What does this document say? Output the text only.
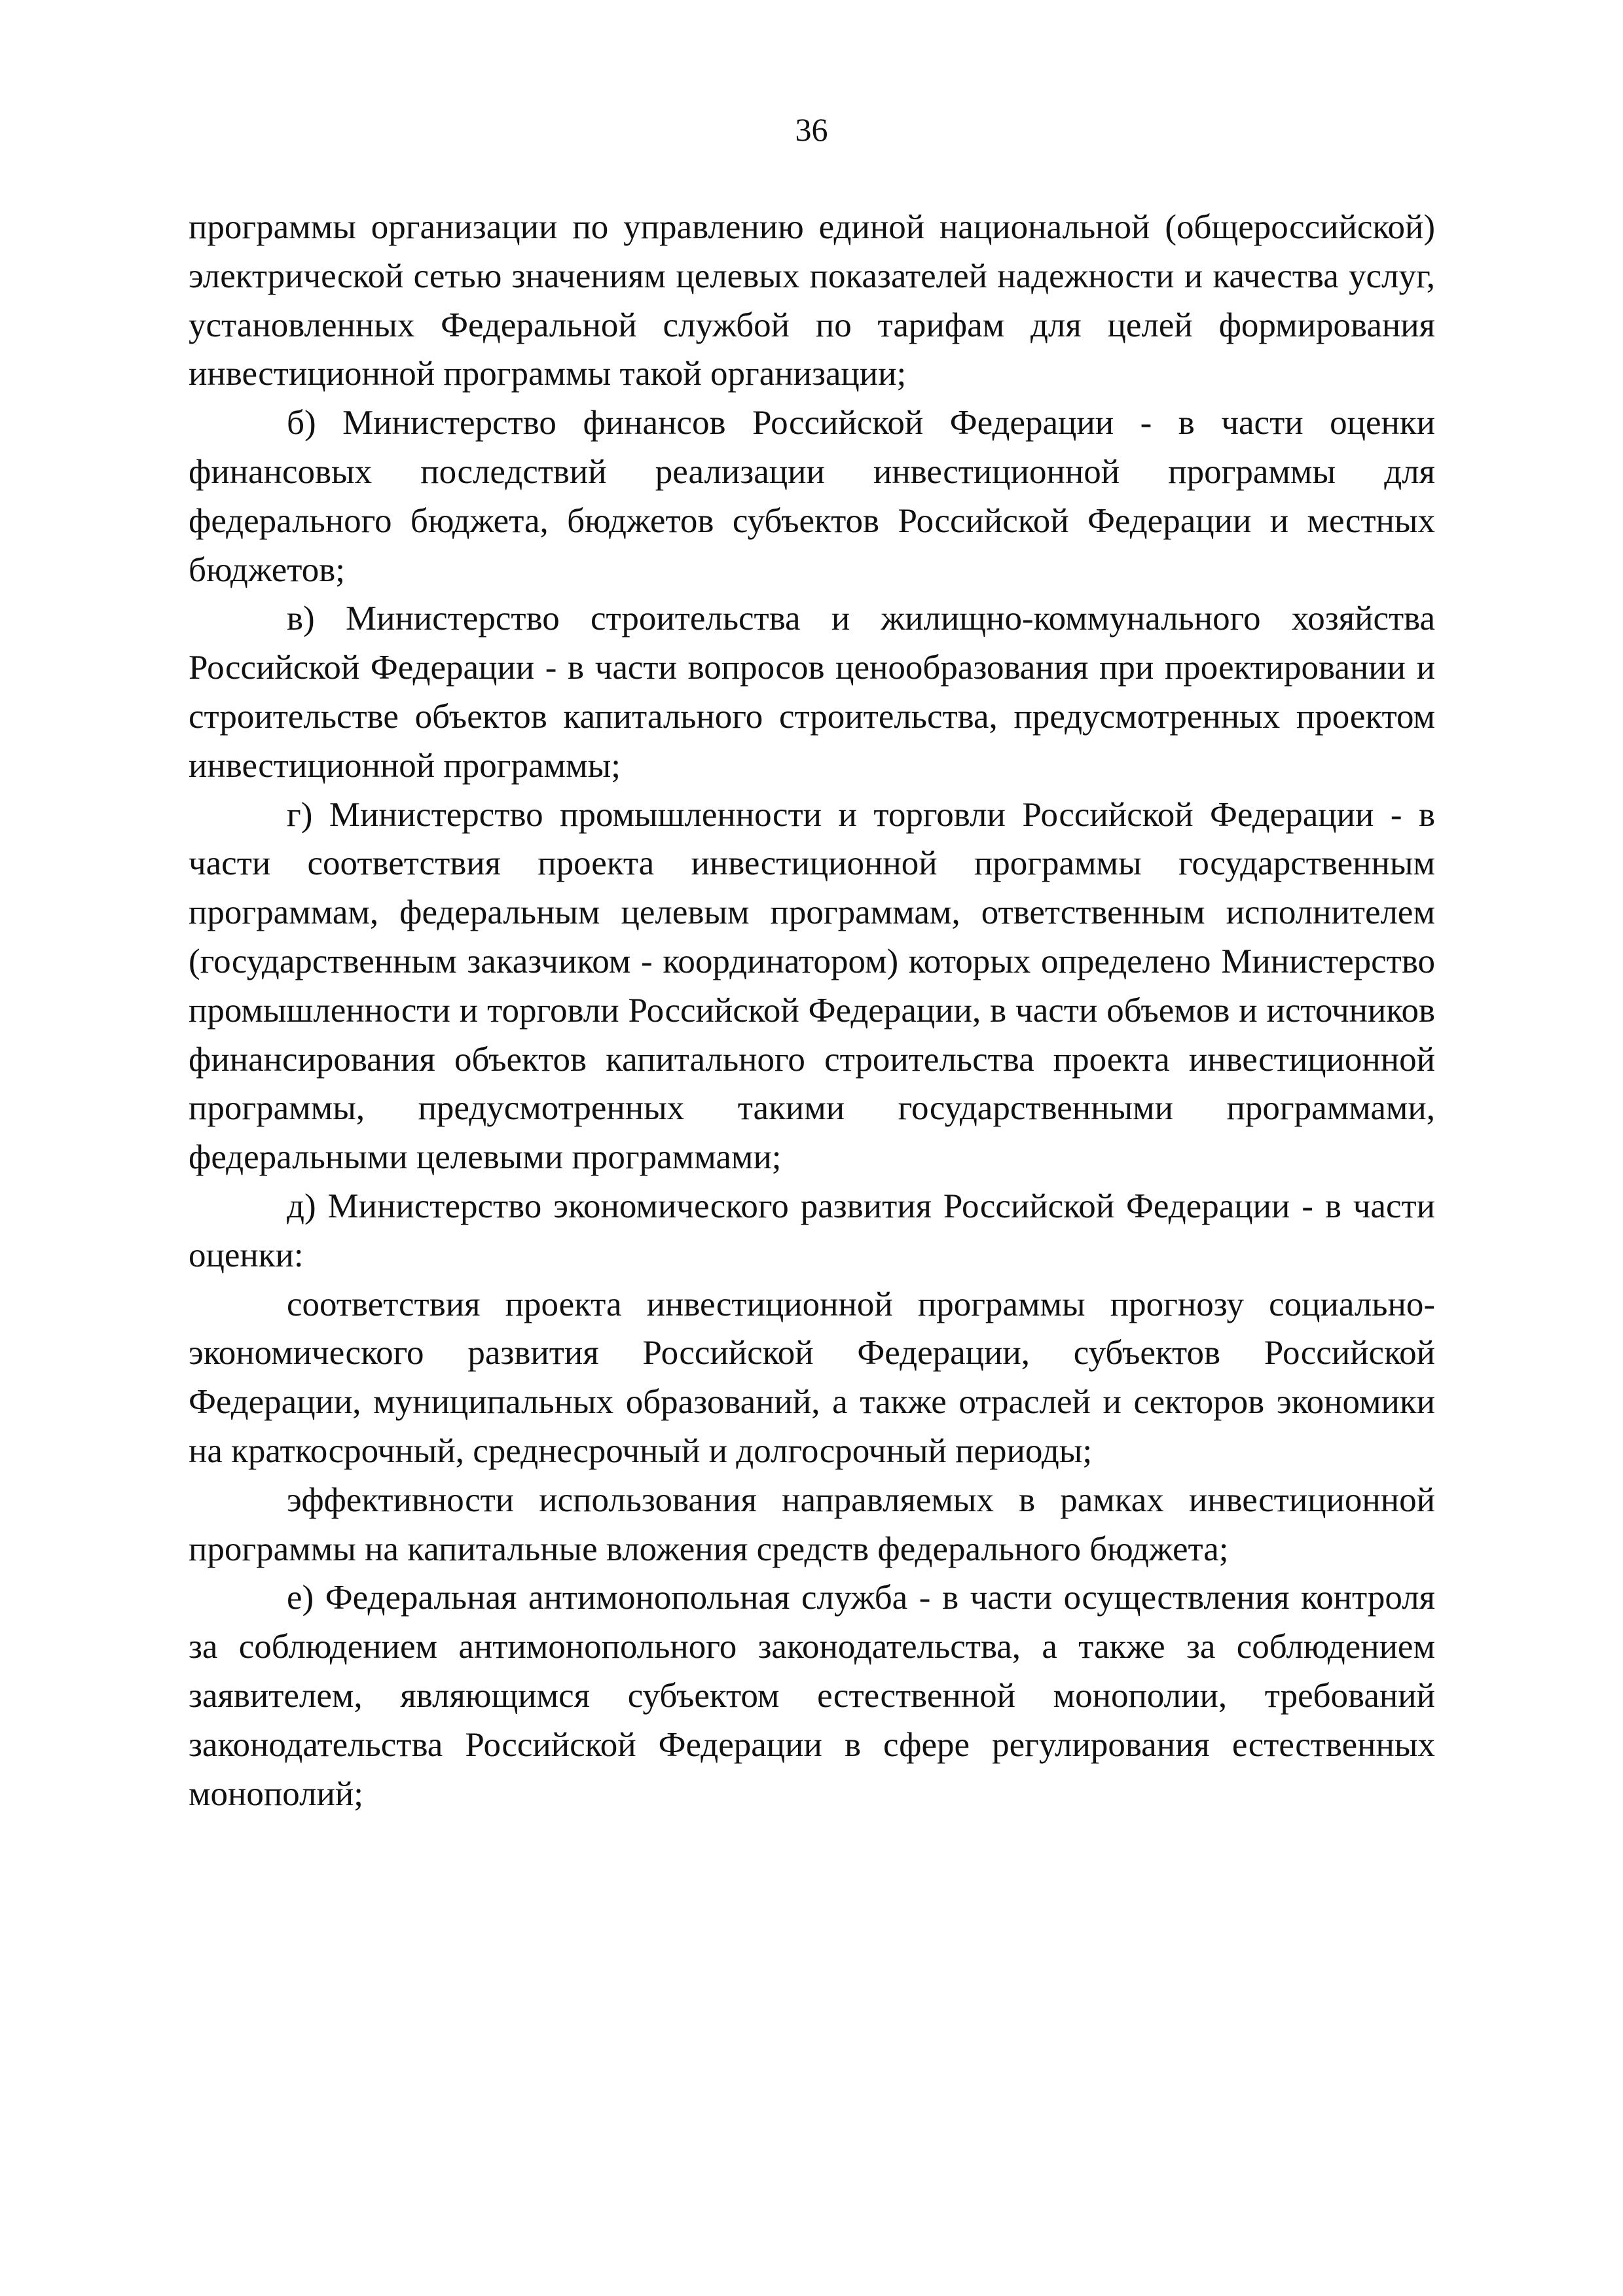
36

программы организации по управлению единой национальной (общероссийской) электрической сетью значениям целевых показателей надежности и качества услуг, установленных Федеральной службой по тарифам для целей формирования инвестиционной программы такой организации;

б) Министерство финансов Российской Федерации - в части оценки финансовых последствий реализации инвестиционной программы для федерального бюджета, бюджетов субъектов Российской Федерации и местных бюджетов;

в) Министерство строительства и жилищно-коммунального хозяйства Российской Федерации - в части вопросов ценообразования при проектировании и строительстве объектов капитального строительства, предусмотренных проектом инвестиционной программы;

г) Министерство промышленности и торговли Российской Федерации - в части соответствия проекта инвестиционной программы государственным программам, федеральным целевым программам, ответственным исполнителем (государственным заказчиком - координатором) которых определено Министерство промышленности и торговли Российской Федерации, в части объемов и источников финансирования объектов капитального строительства проекта инвестиционной программы, предусмотренных такими государственными программами, федеральными целевыми программами;

д) Министерство экономического развития Российской Федерации - в части оценки:

соответствия проекта инвестиционной программы прогнозу социально-экономического развития Российской Федерации, субъектов Российской Федерации, муниципальных образований, а также отраслей и секторов экономики на краткосрочный, среднесрочный и долгосрочный периоды;

эффективности использования направляемых в рамках инвестиционной программы на капитальные вложения средств федерального бюджета;

е) Федеральная антимонопольная служба - в части осуществления контроля за соблюдением антимонопольного законодательства, а также за соблюдением заявителем, являющимся субъектом естественной монополии, требований законодательства Российской Федерации в сфере регулирования естественных монополий;
